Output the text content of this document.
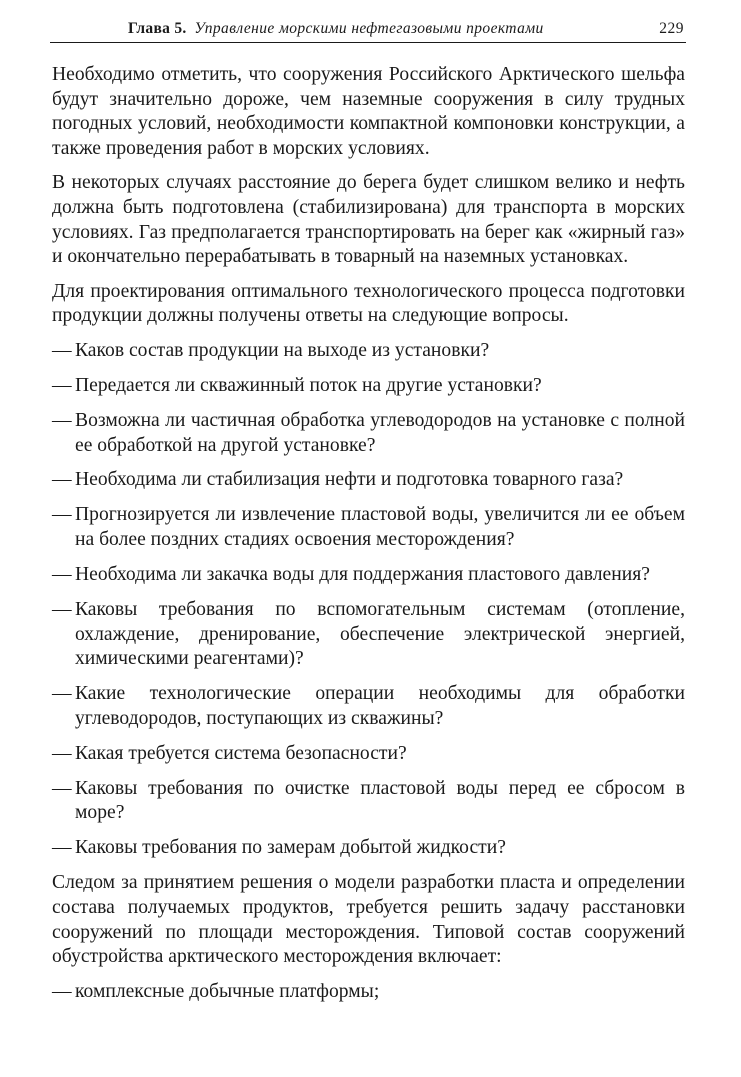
Глава 5. Управление морскими нефтегазовыми проектами	229

Необходимо отметить, что сооружения Российского Арктического шельфа будут значительно дороже, чем наземные сооружения в силу трудных погодных условий, необходимости компактной компоновки конструкции, а также проведения работ в морских условиях.

В некоторых случаях расстояние до берега будет слишком велико и нефть должна быть подготовлена (стабилизирована) для транспорта в морских условиях. Газ предполагается транспортировать на берег как «жирный газ» и окончательно перерабатывать в товарный на наземных установках.

Для проектирования оптимального технологического процесса подготовки продукции должны получены ответы на следующие вопросы.

— Каков состав продукции на выходе из установки?
— Передается ли скважинный поток на другие установки?
— Возможна ли частичная обработка углеводородов на установке с полной ее обработкой на другой установке?
— Необходима ли стабилизация нефти и подготовка товарного газа?
— Прогнозируется ли извлечение пластовой воды, увеличится ли ее объем на более поздних стадиях освоения месторождения?
— Необходима ли закачка воды для поддержания пластового давления?
— Каковы требования по вспомогательным системам (отопление, охлаждение, дренирование, обеспечение электрической энергией, химическими реагентами)?
— Какие технологические операции необходимы для обработки углеводородов, поступающих из скважины?
— Какая требуется система безопасности?
— Каковы требования по очистке пластовой воды перед ее сбросом в море?
— Каковы требования по замерам добытой жидкости?

Следом за принятием решения о модели разработки пласта и определении состава получаемых продуктов, требуется решить задачу расстановки сооружений по площади месторождения. Типовой состав сооружений обустройства арктического месторождения включает:

— комплексные добычные платформы;
